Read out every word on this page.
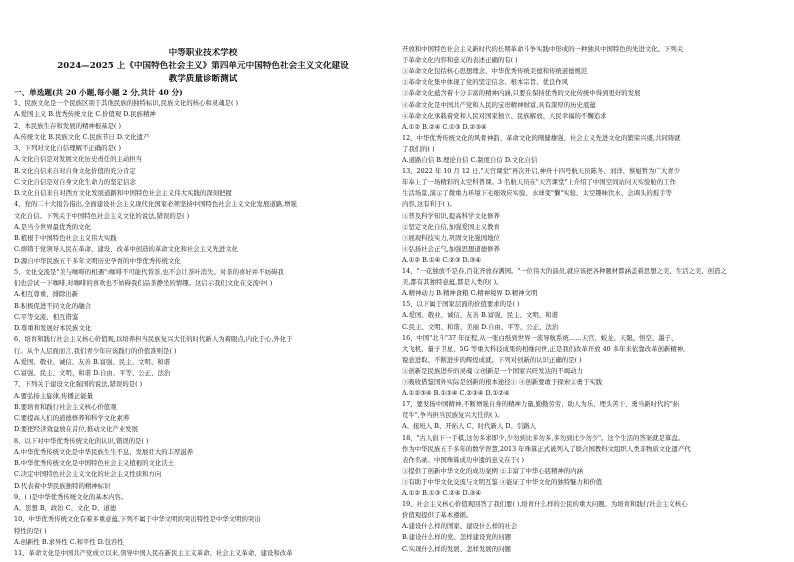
中等职业技术学校
2024—2025 上《中国特色社会主义》第四单元中国特色社会主义文化建设
教学质量诊断测试
一、单选题(共 20 小题,每小题 2 分,共计 40 分)
1、民族文化是一个民族区别于其他民族的独特标识,民族文化的核心和灵魂是( )
A.爱国主义 B.优秀传统文化 C.价值观 D.民族精神
2、本民族生存和发展的精神根基是( )
A.传统文化 B.民族文化 C.民族节日 D.文化遗产
3、下列对文化自信理解不正确的是( )
A.文化自信是对发展文化历史责任的主动担当
B.文化自信来自对自身文化价值的充分肯定
C.文化自信是对自身文化生命力的坚定信念
D.文化自信来自对西方文化发展道路和中国特色社会主义伟大实践的深刻把握
4、党的二十大报告指出,全面建设社会主义现代化国家必须坚持中国特色社会主义文化发展道路,增强
文化自信。下列关于中国特色社会主义文化的说法,错误的是( )
A.是当今世界最优秀的文化
B.植根于中国特色社会主义伟大实践
C.熔铸于党领导人民在革命、建设、改革中创造的革命文化和社会主义先进文化
D.源自中华民族五千多年文明历史孕育的中华优秀传统文化
5、文化交流是"美与咖啡的相遇":咖啡不可能代替茶,也不会让茶叶消失。对茶的喜好并不妨碍我
们也尝试一下咖啡,对咖啡的喜欢也不妨碍我们品茶静坐的情趣。这启示我们文化在交流中( )
A.相互尊重、排除出新
B.积极促进不同文化的融合
C.平等交流、相互借鉴
D.尊重和发展好本民族文化
6、培育和践行社会主义核心价值观,以培养担当民族复兴大任的时代新人为着眼点,内化于心,外化于
行。从个人层面而言,我们青少年应该践行的价值准则是( )
A.爱国、敬业、诚信、友善 B.富强、民主、文明、和谐
C.富强、民主、文明、和谐 D.自由、平等、公正、法治
7、下列关于建设文化强国的说法,错误的是( )
A.要弘扬主旋律,传播正能量
B.要培育和践行社会主义核心价值观
C.要提高人们的道德修养和科学文化素养
D.要把经济效益放在首位,推动文化产业发展
8、以下对中华优秀传统文化的认识,错误的是( )
A.中华优秀传统文化是中华民族生生不息、发展壮大的丰厚滋养
B.中华优秀传统文化是中国特色社会主义植根的文化沃土
C.决定中国特色社会主义文化的社会主义性质和方向
D.代表着中华民族独特的精神标识
9、( )是中华优秀传统文化的基本内容。
A、思想 B、政治 C、文化 D、道德
10、中华优秀传统文化有着多重意蕴,下列不属于中华文明的突出特性是中华文明的突出
特性的是( )
A.创新性 B.求异性 C.和平性 D.包容性
11、革命文化是中国共产党成立以来,领导中国人民在新民主主义革命、社会主义革命、建设和改革
开放和中国特色社会主义新时代的长期革命斗争实践中形成的一种独具中国特色的先进文化。下列关
于革命文化内容和意义的表述正确的有( )
①革命文化包括核心思想理念、中华优秀传统美德和传统道德规范
②革命文化集中体现了党的坚定信念、根本宗旨、优良作风
③革命文化蕴含着十分丰富的精神内涵,只要在保持优秀的文化传统中得到更好的发展
④革命文化是中国共产党和人民的宝贵精神财富,具有深厚的历史底蕴
④革命文化承载着党和人民对国家独立、民族解放、人民幸福的不懈追求
A.①② B.②④ C.①③ D.②③④
12、中华优秀传统文化的风骨神韵、革命文化的刚健雄强、社会主义先进文化的繁荣兴盛,共同铸就
了我们的( )
A.道路自信 B.理论自信 C.制度自信 D.文化自信
13、2022 年 10 月 12 日,"天宫课堂"再次开启,神舟十四号航天员陈冬、刘洋、蔡旭哲为广大青少
年奉上了一场精彩的太空科普课。3 名航天员在"天宫课堂"上介绍了中国空间站问天实验舱的工作
生活场景,演示了微重力环境下毛细效应实验、水球变"懒"实验、太空趣味饮水、会调头的扳手等
内容,这有利于( )。
①普及科学知识,提高科学文化修养
②坚定文化自信,加强爱国主义教育
③展现科技实力,巩固文化强国地位
④弘扬社会正气,加强思想道德修养
A.①② B.①④ C.②③ D.③④
14、"一花独放不是春,百花齐放春满园。"一位伟大的演员,就应该把各种题材都涵盖着思想之美、生活之美、创造之
美,都有其独特意蕴,都是人类的( )。
A.精神动力 B.精神食粮 C.精神境界 D.精神文明
15、以下属于国家层面的价值要求的是( )
A.爱国、敬业、诚信、友善 B.富强、民主、文明、和谐
C.民主、文明、和谐、美丽 D.自由、平等、公正、法治
16、中国"北斗"37 年征程,从一张白纸到世界一流导航系统……天宫、蛟龙、天眼、悟空、墨子、
大飞机、量子卫星、5G 等重大科技成果的相继问世,正是我们改革开放 40 多年来依靠改革创新精神,
锐意进取、不断进步的辉煌成就。下列对创新的认识正确的是( )
①创新是民族进步的灵魂 ②创新是一个国家兴旺发达的不竭动力
③吸收借鉴国外实际是创新的根本途径① ④创新要敢于探索②勇于实践
A.①②③④ B.①③④ C.②③④ D.①②④
17、要发扬中国精神,不断增强自身的精神力量,勤勤劳劳、助人为乐、埋头苦干、勇当新时代的"拓
荒牛",争当担当民族复兴大任的( )。
A、接班人 B、开拓人 C、时代新人 D、引路人
18、"古人倡下一手棋,这勿多求即少,少勿到比多勿多,多勿到比少勿少"。这个生活的答案就是算盘。
作为中华民族五千多年的数学智慧,2013 年珠算正式被列入了联合国教科文组织人类非物质文化遗产代
表作名录。中国珠算成功申遗的意义在于( )
①提供了创新中华文化的成功案例 ②丰富了中华心底精神的内涵
③有助于中华文化交流与文明互鉴 ④能证了中华文化的独特魅力和价值
A.①② B.①③ C.②④ D.③④
19、社会主义核心价值观回答了我们要( ),培育什么样的公民的重大问题。为培育和践行社会主义核心
价值观提供了基本遵循。
A.建设什么样的国家、建设什么样的社会
B.建设什么样的党、怎样建设党的问题
C.实现什么样的发展、怎样发展的问题
